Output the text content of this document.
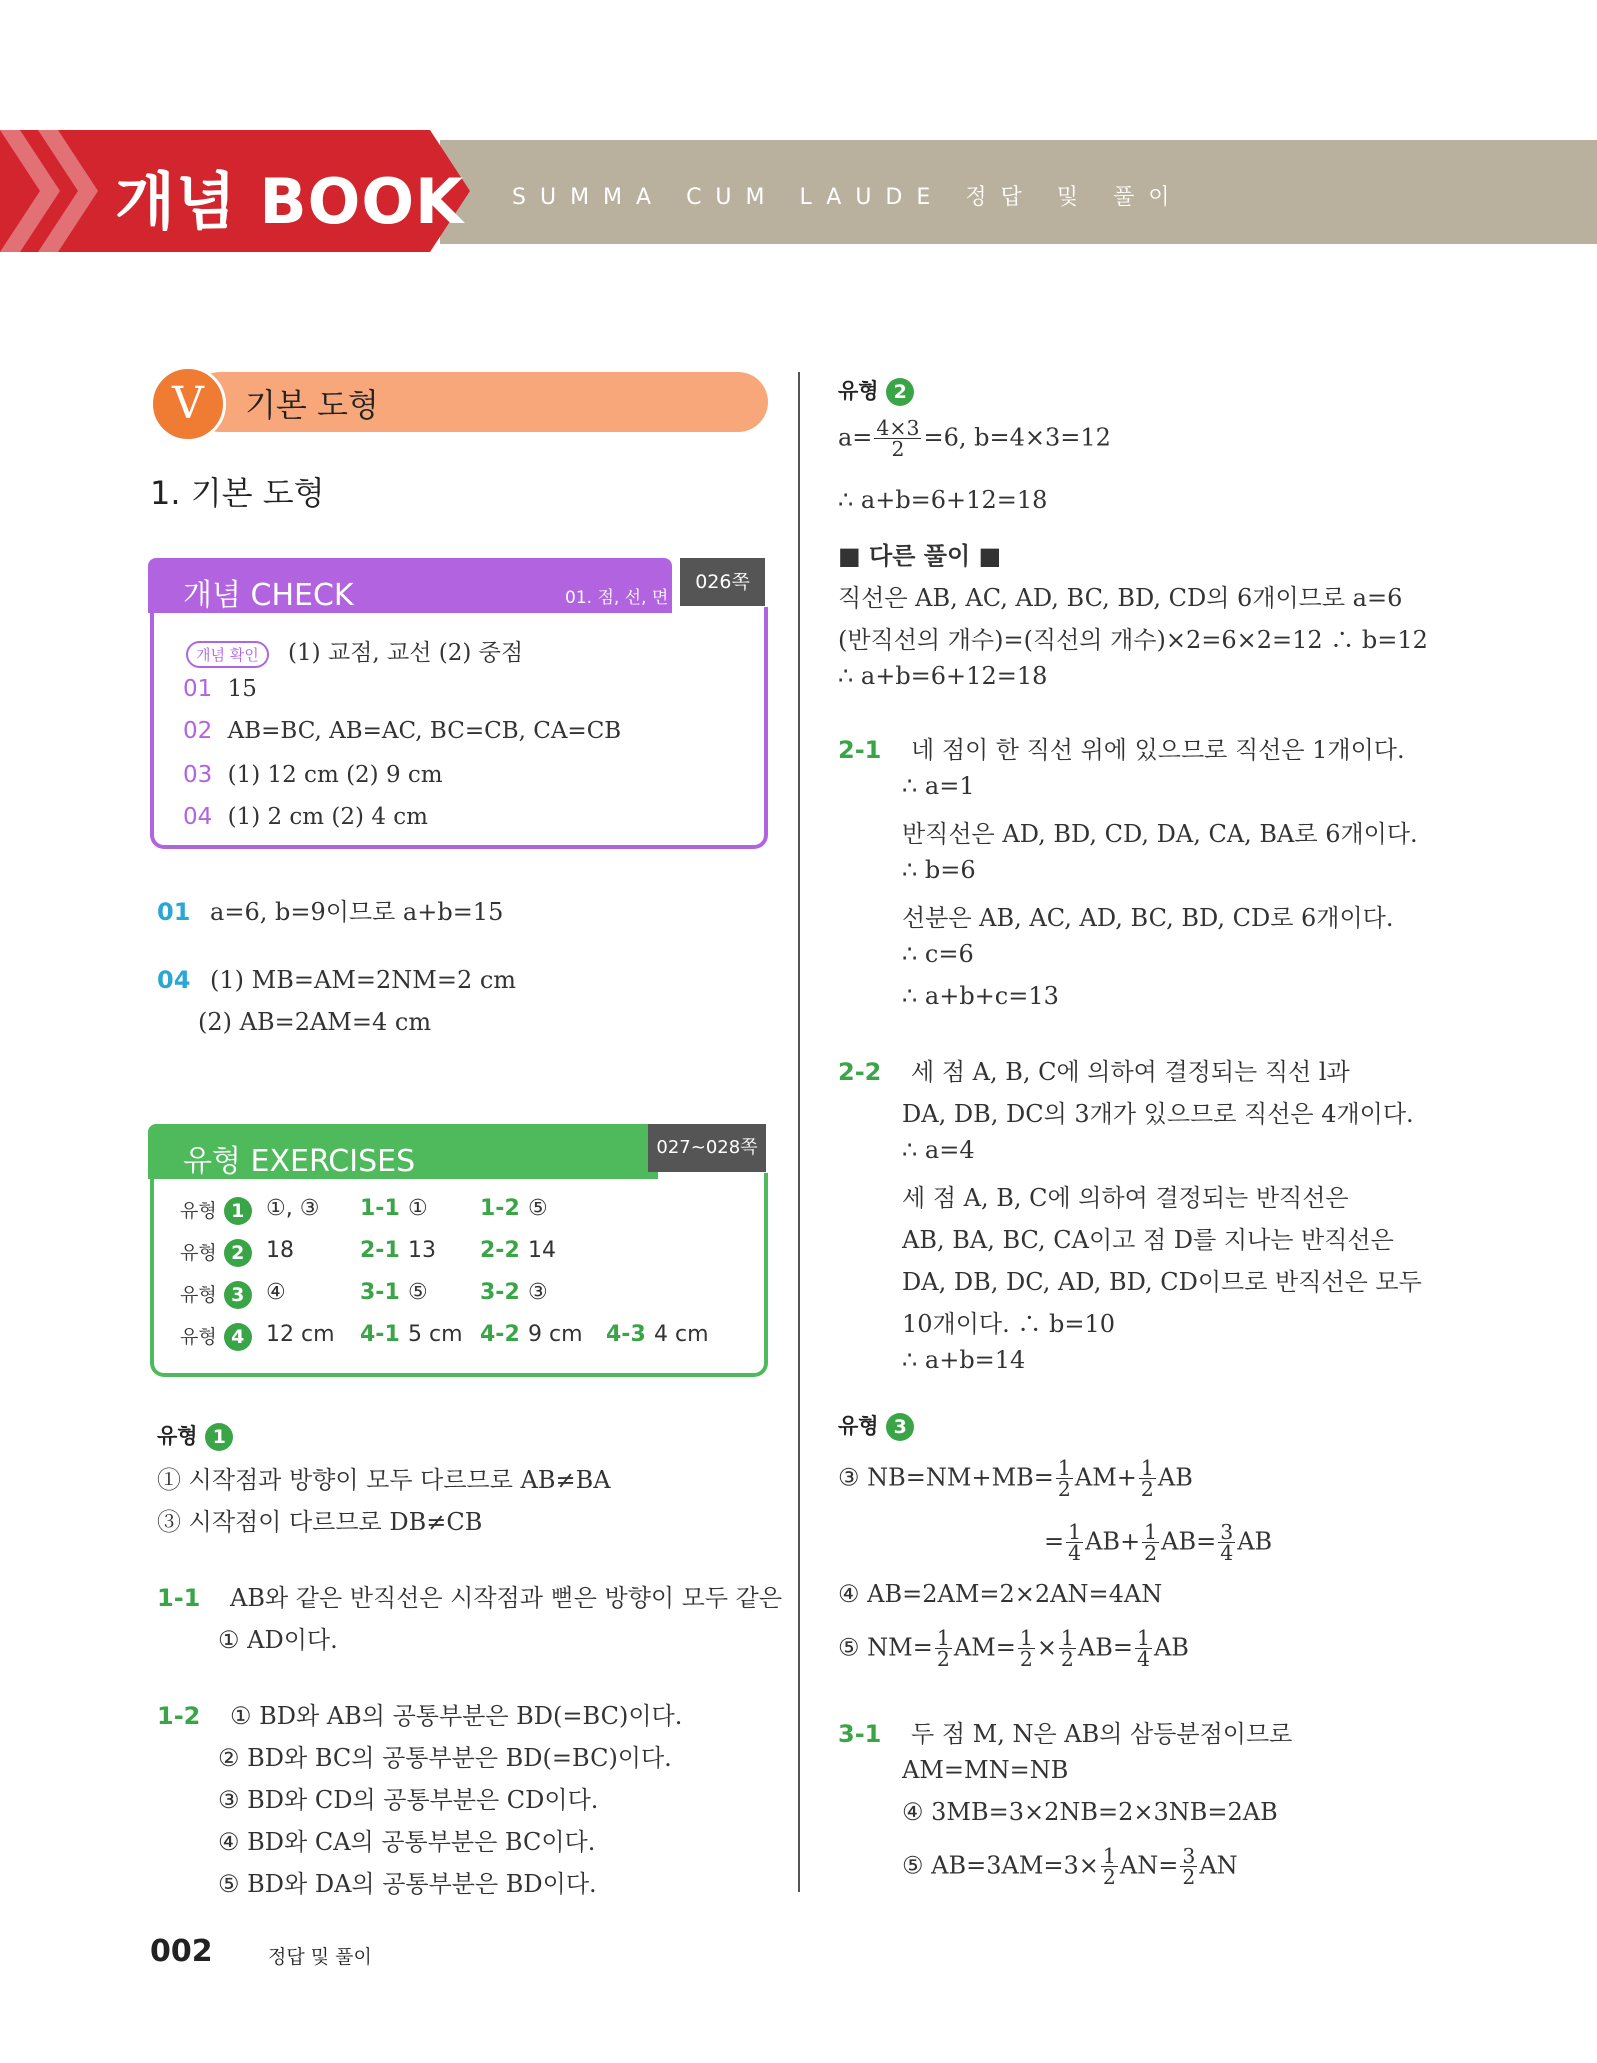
SUMMA CUM LAUDE 정답 및 풀이
개념 BOOK
V	기본 도형
1. 기본 도형
개념 CHECK	01. 점, 선, 면
026쪽
개념 확인 (1) 교점, 교선 (2) 중점
01 15
02 AB=BC, AB=AC, BC=CB, CA=CB
03 (1) 12 cm (2) 9 cm
04 (1) 2 cm (2) 4 cm
01 a=6, b=9이므로 a+b=15
04 (1) MB=AM=2NM=2 cm
(2) AB=2AM=4 cm
유형 EXERCISES	027~028쪽
유형 1 ①, ③ 1-1 ① 1-2 ⑤
유형 2 18	2-1 13 2-2 14
유형 3 ④	3-1 ⑤ 3-2 ③
유형 4 12 cm 4-1 5 cm 4-2 9 cm 4-3 4 cm
유형 1
① 시작점과 방향이 모두 다르므로 AB≠BA
③ 시작점이 다르므로 DB≠CB
1-1 AB와 같은 반직선은 시작점과 뻗은 방향이 모두 같은
① AD이다.
1-2 ① BD와 AB의 공통부분은 BD(=BC)이다.
② BD와 BC의 공통부분은 BD(=BC)이다.
③ BD와 CD의 공통부분은 CD이다.
④ BD와 CA의 공통부분은 BC이다.
⑤ BD와 DA의 공통부분은 BD이다.
유형 2
$a= \frac{4\times 3}{2} =6$, b=4×3=12
∴ a+b=6+12=18
■ 다른 풀이 ■
직선은 AB, AC, AD, BC, BD, CD의 6개이므로 a=6
(반직선의 개수)=(직선의 개수)×2=6×2=12 ∴ b=12
∴ a+b=6+12=18
2-1 네 점이 한 직선 위에 있으므로 직선은 1개이다.
∴ a=1
반직선은 AD, BD, CD, DA, CA, BA로 6개이다.
∴ b=6
선분은 AB, AC, AD, BC, BD, CD로 6개이다.
∴ c=6
∴ a+b+c=13
2-2 세 점 A, B, C에 의하여 결정되는 직선 l과
DA, DB, DC의 3개가 있으므로 직선은 4개이다.
∴ a=4
세 점 A, B, C에 의하여 결정되는 반직선은
AB, BA, BC, CA이고 점 D를 지나는 반직선은
DA, DB, DC, AD, BD, CD이므로 반직선은 모두
10개이다. ∴ b=10
∴ a+b=14
유형 3
③ $NB=NM+MB= \frac{1}{2} AM+ \frac{1}{2}$ AB
= $\frac{1}{4} AB+ \frac{1}{2} AB= \frac{3}{4}$ AB
④ AB=2AM=2×2AN=4AN
⑤ $NM= \frac{1}{2} AM= \frac{1}{2} \times \frac{1}{2} AB= \frac{1}{4}$ AB
3-1 두 점 M, N은 AB의 삼등분점이므로
AM=MN=NB
④ 3MB=3×2NB=2×3NB=2AB
⑤ $AB=3AM=3\times \frac{1}{2} AN= \frac{3}{2}$ AN
002	정답 및 풀이
